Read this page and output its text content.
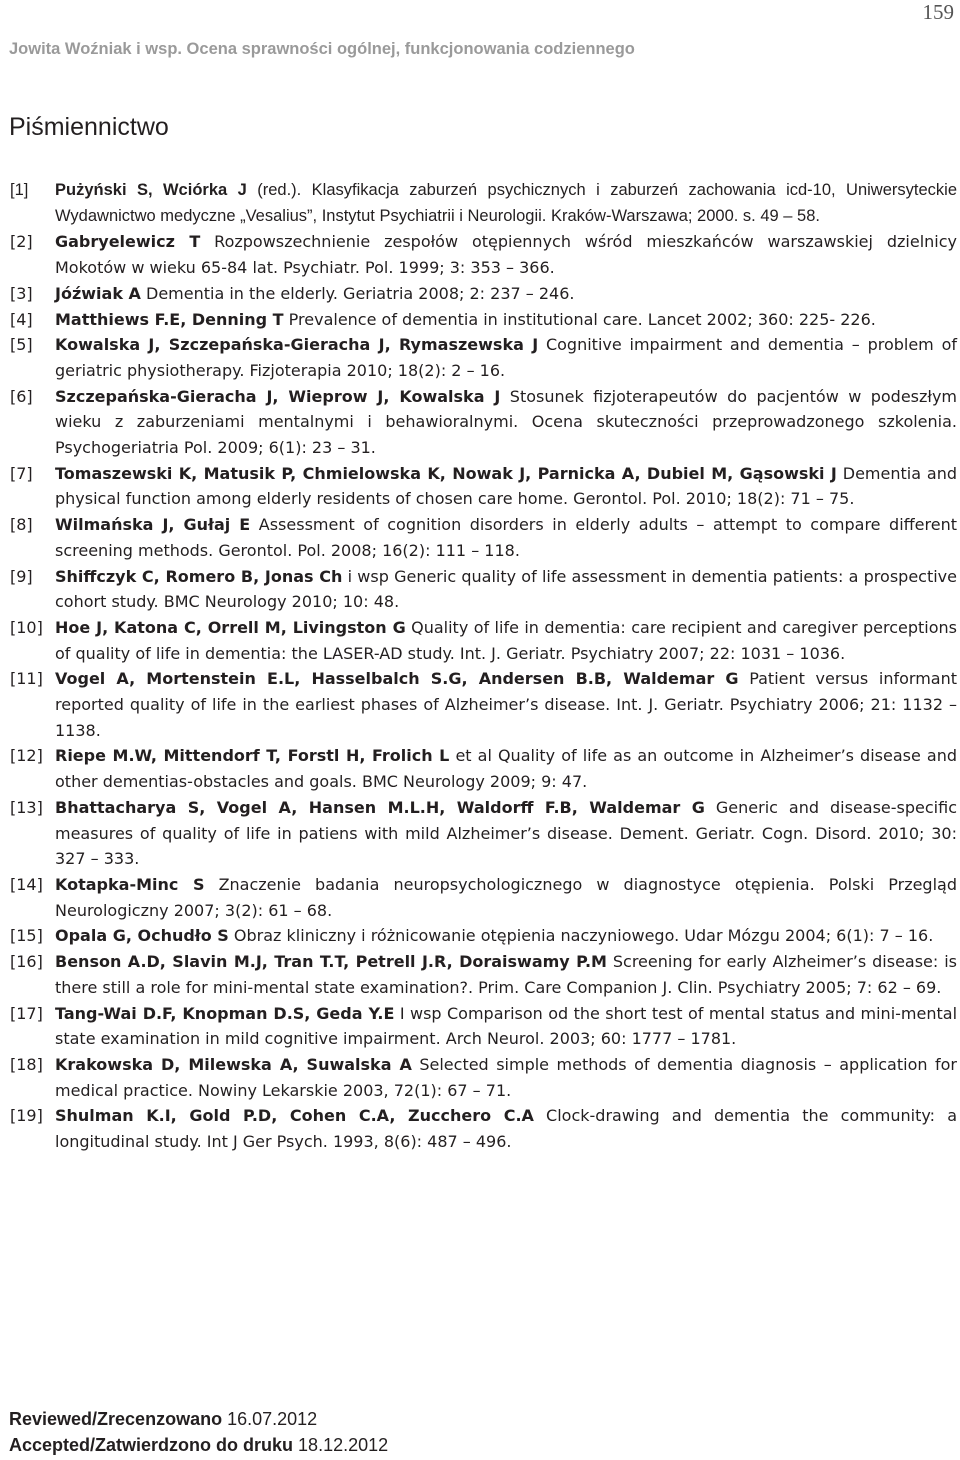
159
Jowita Woźniak i wsp. Ocena sprawności ogólnej, funkcjonowania codziennego
Piśmiennictwo
[1] Pużyński S, Wciórka J (red.). Klasyfikacja zaburzeń psychicznych i zaburzeń zachowania icd-10, Uniwersyteckie Wydawnictwo medyczne „Vesalius”, Instytut Psychiatrii i Neurologii. Kraków-Warszawa; 2000. s. 49 – 58.
[2] Gabryelewicz T Rozpowszechnienie zespołów otępiennych wśród mieszkańców warszawskiej dzielnicy Mokotów w wieku 65-84 lat. Psychiatr. Pol. 1999; 3: 353 – 366.
[3] Jóźwiak A Dementia in the elderly. Geriatria 2008; 2: 237 – 246.
[4] Matthiews F.E, Denning T Prevalence of dementia in institutional care. Lancet 2002; 360: 225- 226.
[5] Kowalska J, Szczepańska-Gieracha J, Rymaszewska J Cognitive impairment and dementia – problem of geriatric physiotherapy. Fizjoterapia 2010; 18(2): 2 – 16.
[6] Szczepańska-Gieracha J, Wieprow J, Kowalska J Stosunek fizjoterapeutów do pacjentów w podeszłym wieku z zaburzeniami mentalnymi i behawioralnymi. Ocena skuteczności przeprowadzonego szkolenia. Psychogeriatria Pol. 2009; 6(1): 23 – 31.
[7] Tomaszewski K, Matusik P, Chmielowska K, Nowak J, Parnicka A, Dubiel M, Gąsowski J Dementia and physical function among elderly residents of chosen care home. Gerontol. Pol. 2010; 18(2): 71 – 75.
[8] Wilmańska J, Gułaj E Assessment of cognition disorders in elderly adults – attempt to compare different screening methods. Gerontol. Pol. 2008; 16(2): 111 – 118.
[9] Shiffczyk C, Romero B, Jonas Ch i wsp Generic quality of life assessment in dementia patients: a prospective cohort study. BMC Neurology 2010; 10: 48.
[10] Hoe J, Katona C, Orrell M, Livingston G Quality of life in dementia: care recipient and caregiver perceptions of quality of life in dementia: the LASER-AD study. Int. J. Geriatr. Psychiatry 2007; 22: 1031 – 1036.
[11] Vogel A, Mortenstein E.L, Hasselbalch S.G, Andersen B.B, Waldemar G Patient versus informant reported quality of life in the earliest phases of Alzheimer’s disease. Int. J. Geriatr. Psychiatry 2006; 21: 1132 – 1138.
[12] Riepe M.W, Mittendorf T, Forstl H, Frolich L et al Quality of life as an outcome in Alzheimer’s disease and other dementias-obstacles and goals. BMC Neurology 2009; 9: 47.
[13] Bhattacharya S, Vogel A, Hansen M.L.H, Waldorff F.B, Waldemar G Generic and disease-specific measures of quality of life in patiens with mild Alzheimer’s disease. Dement. Geriatr. Cogn. Disord. 2010; 30: 327 – 333.
[14] Kotapka-Minc S Znaczenie badania neuropsychologicznego w diagnostyce otępienia. Polski Przegląd Neurologiczny 2007; 3(2): 61 – 68.
[15] Opala G, Ochudło S Obraz kliniczny i różnicowanie otępienia naczyniowego. Udar Mózgu 2004; 6(1): 7 – 16.
[16] Benson A.D, Slavin M.J, Tran T.T, Petrell J.R, Doraiswamy P.M Screening for early Alzheimer’s disease: is there still a role for mini-mental state examination?. Prim. Care Companion J. Clin. Psychiatry 2005; 7: 62 – 69.
[17] Tang-Wai D.F, Knopman D.S, Geda Y.E I wsp Comparison od the short test of mental status and mini-mental state examination in mild cognitive impairment. Arch Neurol. 2003; 60: 1777 – 1781.
[18] Krakowska D, Milewska A, Suwalska A Selected simple methods of dementia diagnosis – application for medical practice. Nowiny Lekarskie 2003, 72(1): 67 – 71.
[19] Shulman K.I, Gold P.D, Cohen C.A, Zucchero C.A Clock-drawing and dementia the community: a longitudinal study. Int J Ger Psych. 1993, 8(6): 487 – 496.
Reviewed/Zrecenzowano 16.07.2012
Accepted/Zatwierdzono do druku 18.12.2012
